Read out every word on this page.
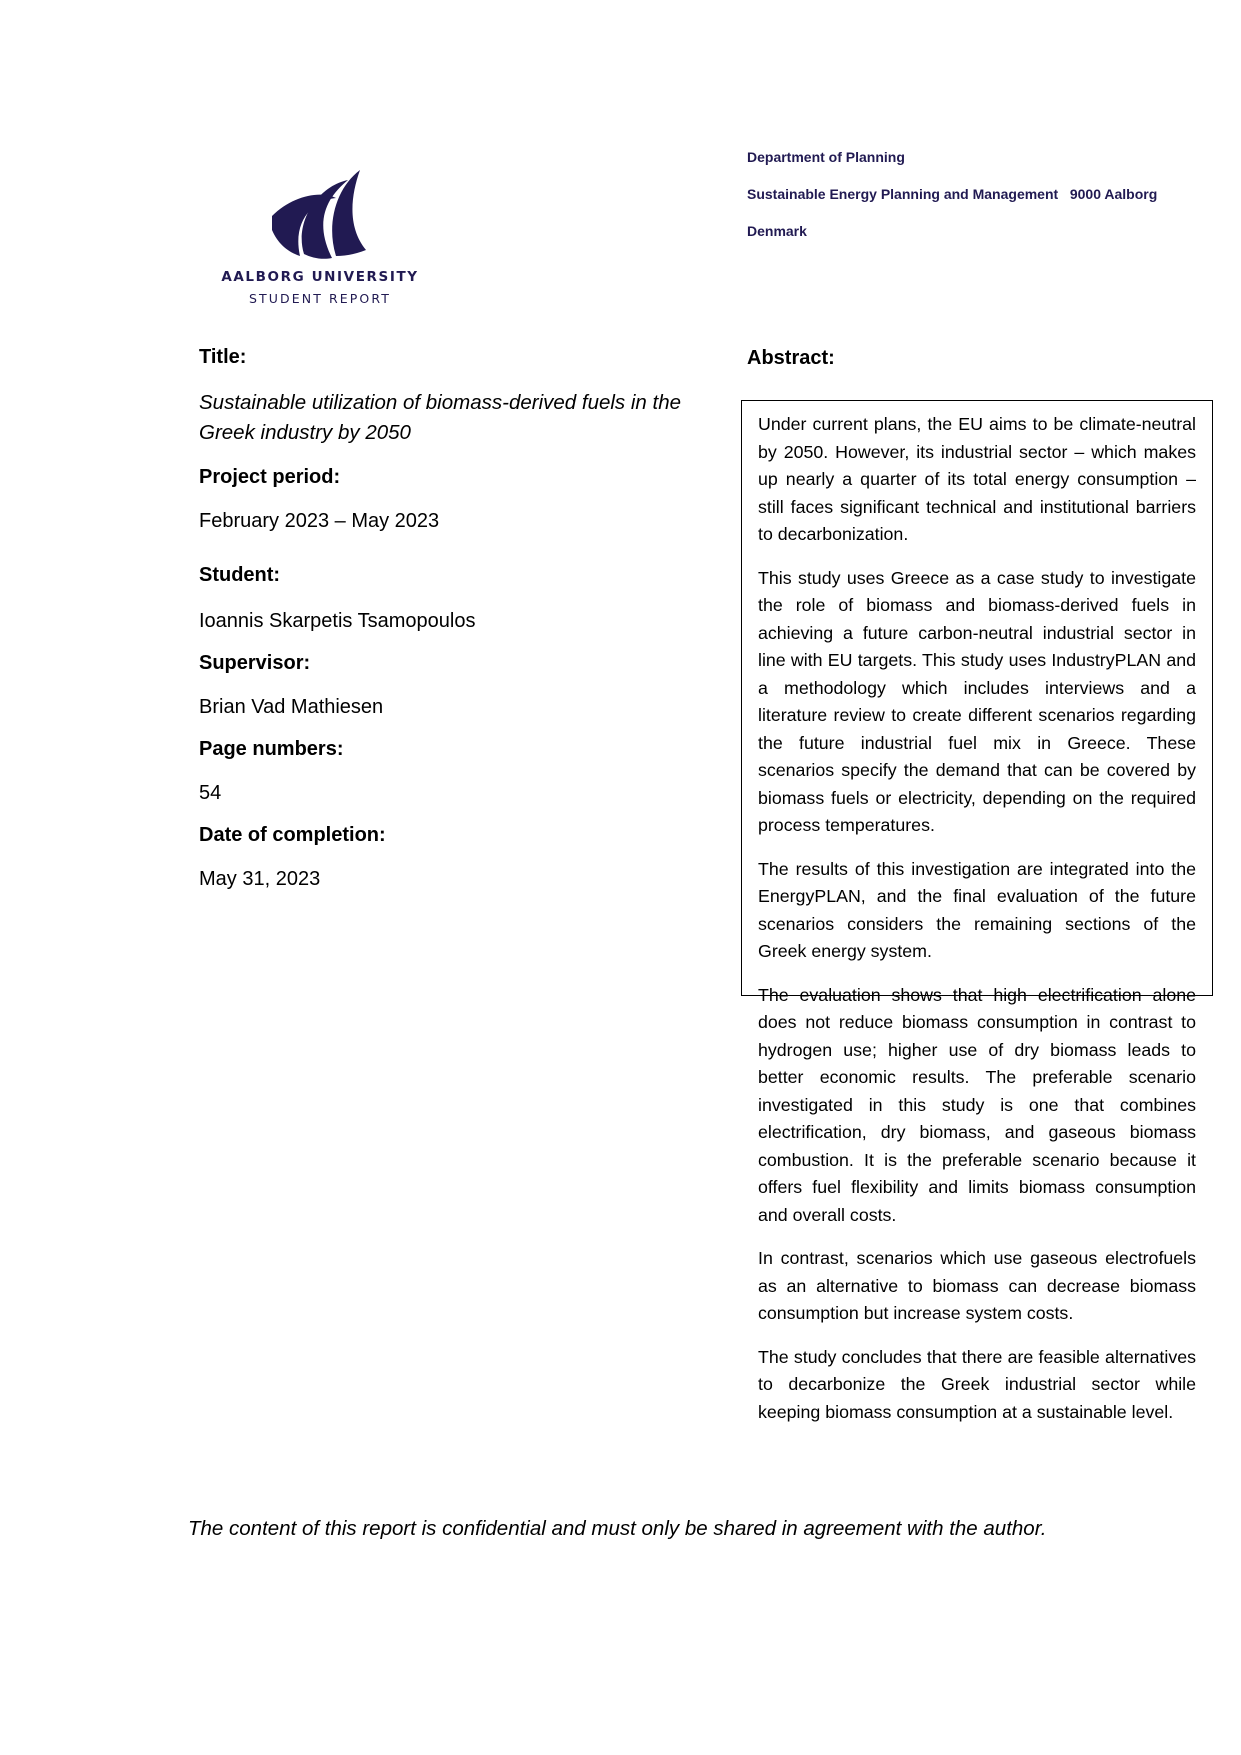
AALBORG UNIVERSITY
STUDENT REPORT

Department of Planning

Sustainable Energy Planning and Management   9000 Aalborg

Denmark

Title:
Sustainable utilization of biomass-derived fuels in the Greek industry by 2050
Project period:
February 2023 – May 2023
Student:
Ioannis Skarpetis Tsamopoulos
Supervisor:
Brian Vad Mathiesen
Page numbers:
54
Date of completion:
May 31, 2023
Abstract:

Under current plans, the EU aims to be climate-neutral by 2050. However, its industrial sector – which makes up nearly a quarter of its total energy consumption – still faces significant technical and institutional barriers to decarbonization.

This study uses Greece as a case study to investigate the role of biomass and biomass-derived fuels in achieving a future carbon-neutral industrial sector in line with EU targets. This study uses IndustryPLAN and a methodology which includes interviews and a literature review to create different scenarios regarding the future industrial fuel mix in Greece. These scenarios specify the demand that can be covered by biomass fuels or electricity, depending on the required process temperatures.

The results of this investigation are integrated into the EnergyPLAN, and the final evaluation of the future scenarios considers the remaining sections of the Greek energy system.

The evaluation shows that high electrification alone does not reduce biomass consumption in contrast to hydrogen use; higher use of dry biomass leads to better economic results. The preferable scenario investigated in this study is one that combines electrification, dry biomass, and gaseous biomass combustion. It is the preferable scenario because it offers fuel flexibility and limits biomass consumption and overall costs.

In contrast, scenarios which use gaseous electrofuels as an alternative to biomass can decrease biomass consumption but increase system costs.

The study concludes that there are feasible alternatives to decarbonize the Greek industrial sector while keeping biomass consumption at a sustainable level.

The content of this report is confidential and must only be shared in agreement with the author.
